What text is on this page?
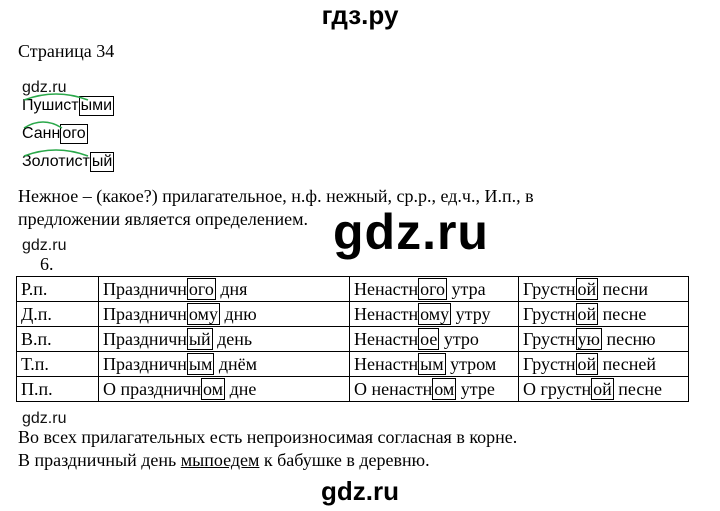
гдз.ру
Страница 34
gdz.ru
Пушист ыми
Санн ого
Золотист ый
Нежное – (какое?) прилагательное, н.ф. нежный, ср.р., ед.ч., И.п., в
предложении является определением. gdz.ru
gdz.ru
6.
Р.п.	Праздничн ого дня	Ненастн ого утра	Грустн ой песни
Д.п.	Праздничн ому дню	Ненастн ому утру	Грустн ой песне
В.п.	Праздничн ый день	Ненастн ое утро	Грустн ую песню
Т.п.	Праздничн ым днём	Ненастн ым утром	Грустн ой песней
П.п.	О праздничн ом дне	О ненастн ом утре	О грустн ой песне
gdz.ru
Во всех прилагательных есть непроизносимая согласная в корне.
В праздничный день мыпоедем к бабушке в деревню.
gdz.ru
